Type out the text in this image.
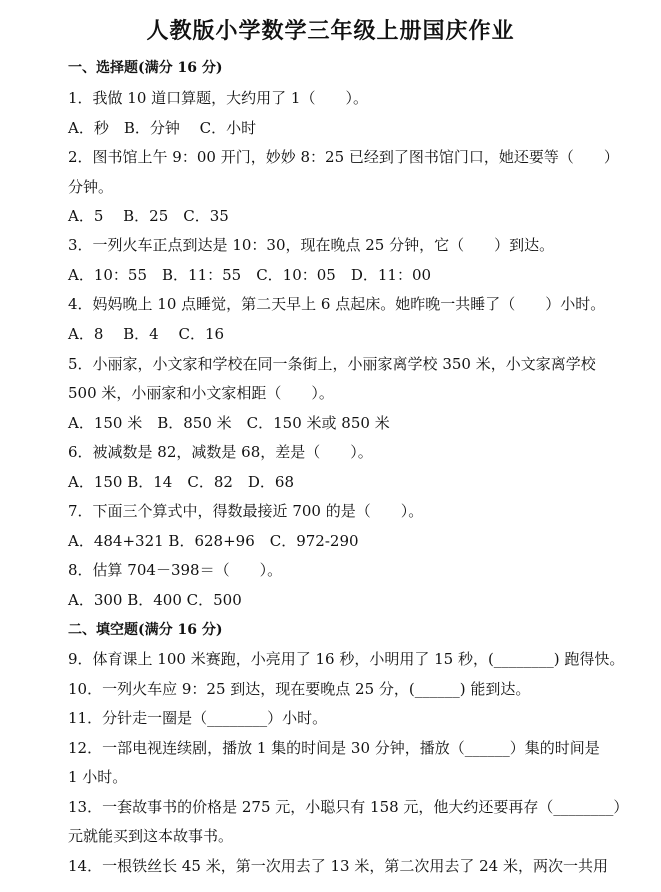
人教版小学数学三年级上册国庆作业
一、选择题(满分 16 分)
1．我做 10 道口算题，大约用了 1（　　）。
A．秒　B．分钟　 C．小时
2．图书馆上午 9：00 开门，妙妙 8：25 已经到了图书馆门口，她还要等（　　）
分钟。
A．5　 B．25　C．35
3．一列火车正点到达是 10：30，现在晚点 25 分钟，它（　　）到达。
A．10：55　B．11：55　C．10：05　D．11：00
4．妈妈晚上 10 点睡觉，第二天早上 6 点起床。她昨晚一共睡了（　　）小时。
A．8　 B．4　 C．16
5．小丽家，小文家和学校在同一条街上，小丽家离学校 350 米，小文家离学校
500 米，小丽家和小文家相距（　　）。
A．150 米　B．850 米　C．150 米或 850 米
6．被减数是 82，减数是 68，差是（　　）。
A．150 B．14　C．82　D．68
7．下面三个算式中，得数最接近 700 的是（　　）。
A．484+321 B．628+96　C．972-290
8．估算 704－398＝（　　）。
A．300 B．400 C．500
二、填空题(满分 16 分)
9．体育课上 100 米赛跑，小亮用了 16 秒，小明用了 15 秒，(________) 跑得快。
10．一列火车应 9：25 到达，现在要晚点 25 分，(______) 能到达。
11．分针走一圈是（________）小时。
12．一部电视连续剧，播放 1 集的时间是 30 分钟，播放（______）集的时间是
1 小时。
13．一套故事书的价格是 275 元，小聪只有 158 元，他大约还要再存（________）
元就能买到这本故事书。
14．一根铁丝长 45 米，第一次用去了 13 米，第二次用去了 24 米，两次一共用
